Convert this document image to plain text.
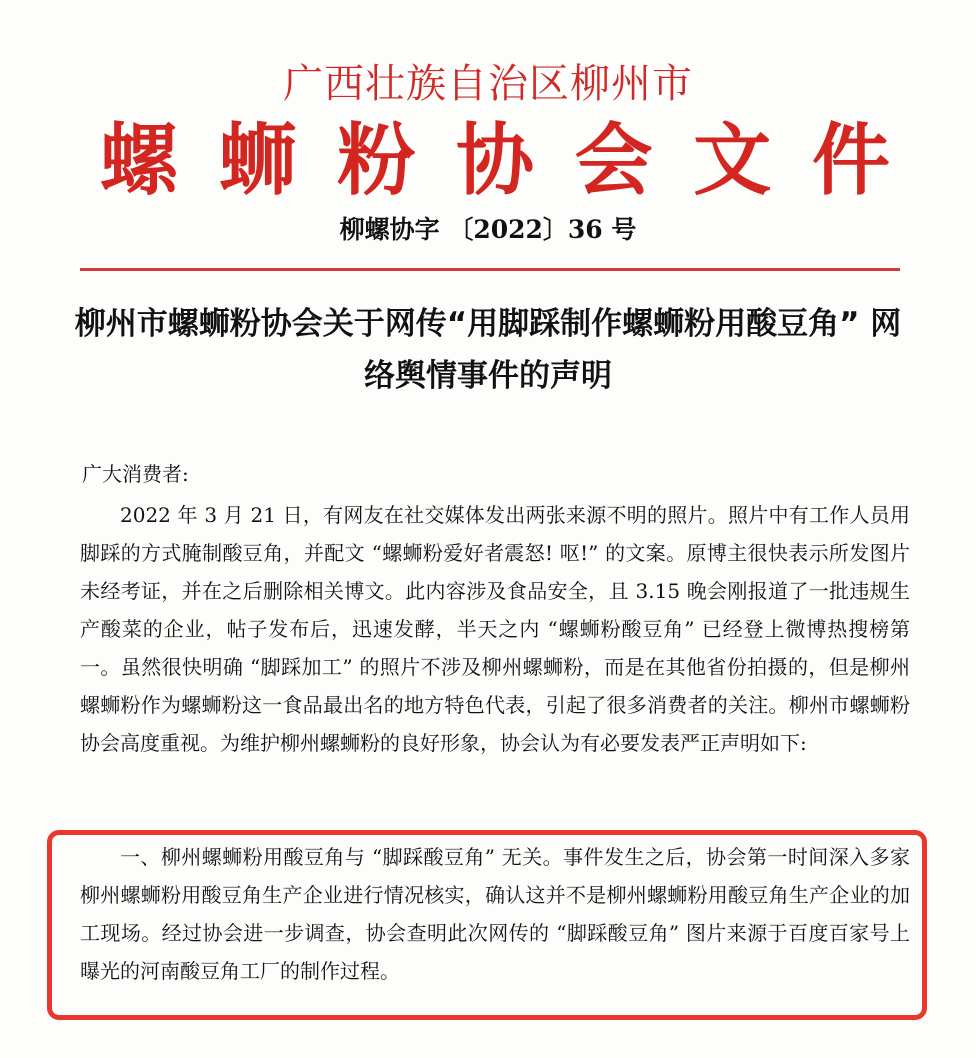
广西壮族自治区柳州市
螺 蛳 粉 协 会 文 件
柳螺协字 〔2022〕36 号
柳州市螺蛳粉协会关于网传“用脚踩制作螺蛳粉用酸豆角” 网络舆情事件的声明
广大消费者:

2022 年 3 月 21 日，有网友在社交媒体发出两张来源不明的照片。照片中有工作人员用脚踩的方式腌制酸豆角，并配文 “螺蛳粉爱好者震怒! 呕!” 的文案。原博主很快表示所发图片未经考证，并在之后删除相关博文。此内容涉及食品安全，且 3.15 晚会刚报道了一批违规生产酸菜的企业，帖子发布后，迅速发酵，半天之内 “螺蛳粉酸豆角” 已经登上微博热搜榜第一。虽然很快明确 “脚踩加工” 的照片不涉及柳州螺蛳粉，而是在其他省份拍摄的，但是柳州螺蛳粉作为螺蛳粉这一食品最出名的地方特色代表，引起了很多消费者的关注。柳州市螺蛳粉协会高度重视。为维护柳州螺蛳粉的良好形象，协会认为有必要发表严正声明如下:

一、柳州螺蛳粉用酸豆角与 “脚踩酸豆角” 无关。事件发生之后，协会第一时间深入多家柳州螺蛳粉用酸豆角生产企业进行情况核实，确认这并不是柳州螺蛳粉用酸豆角生产企业的加工现场。经过协会进一步调查，协会查明此次网传的 “脚踩酸豆角” 图片来源于百度百家号上曝光的河南酸豆角工厂的制作过程。
